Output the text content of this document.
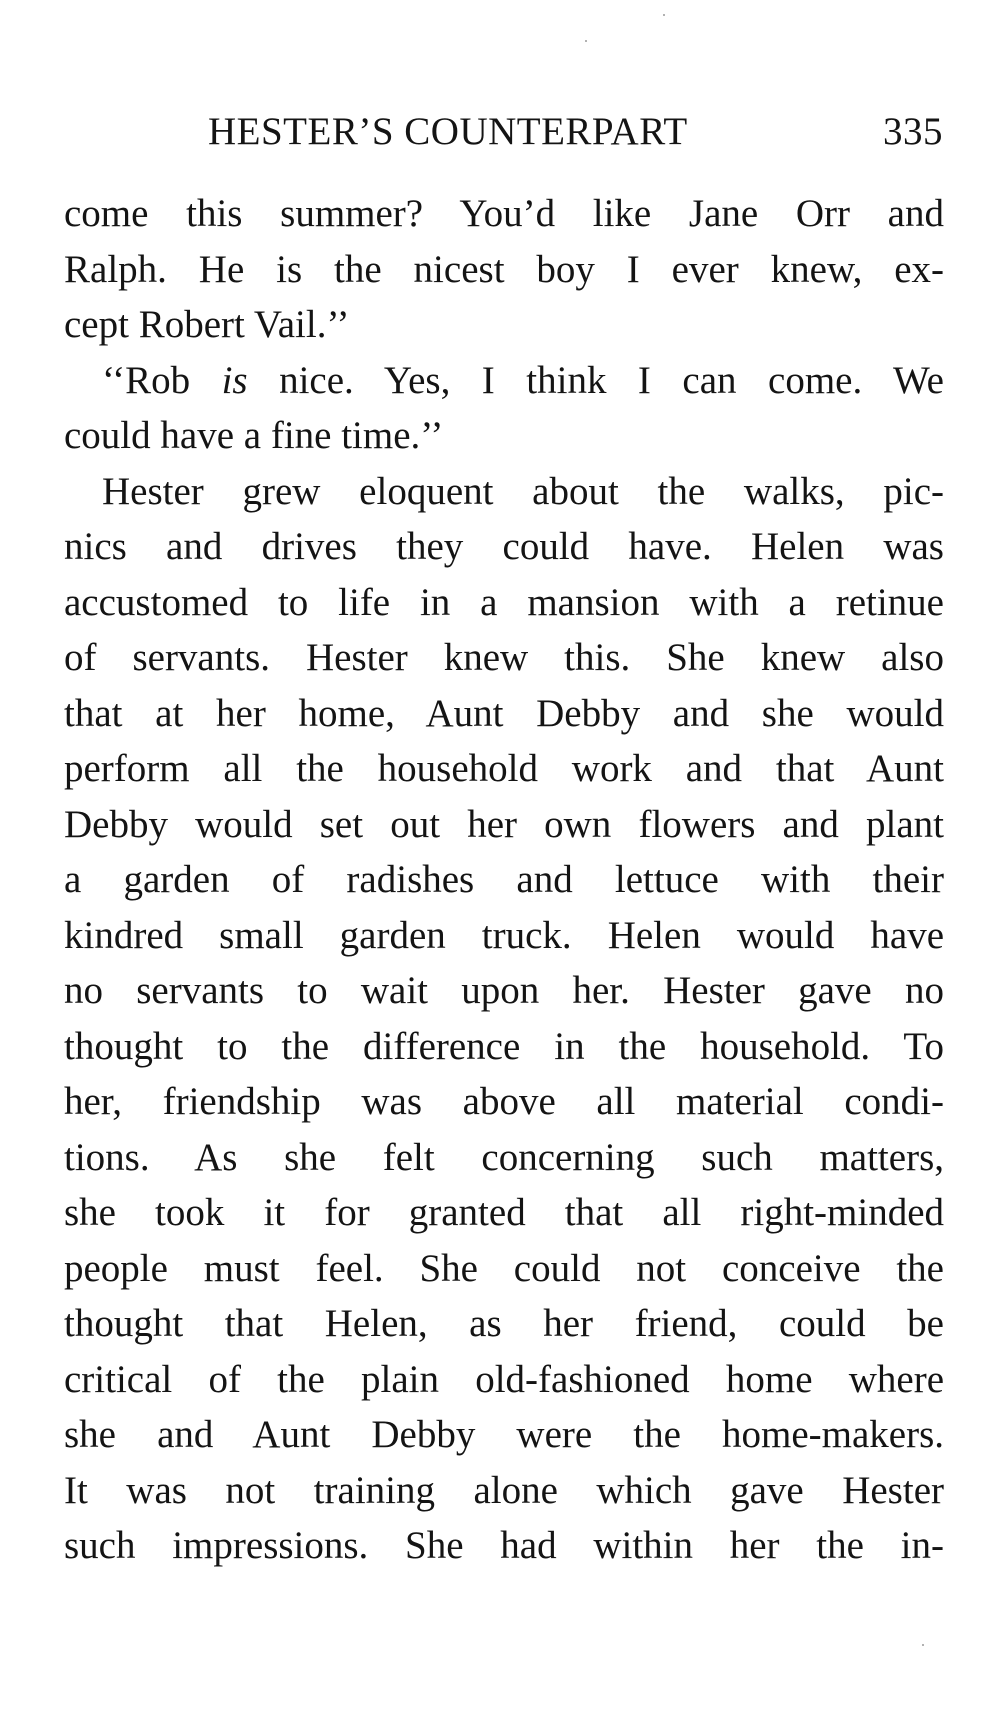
HESTER’S COUNTERPART	335
come this summer? You’d like Jane Orr and
Ralph. He is the nicest boy I ever knew, ex-
cept Robert Vail.’’
‘‘Rob is nice. Yes, I think I can come. We
could have a fine time.’’
Hester grew eloquent about the walks, pic-
nics and drives they could have. Helen was
accustomed to life in a mansion with a retinue
of servants. Hester knew this. She knew also
that at her home, Aunt Debby and she would
perform all the household work and that Aunt
Debby would set out her own flowers and plant
a garden of radishes and lettuce with their
kindred small garden truck. Helen would have
no servants to wait upon her. Hester gave no
thought to the difference in the household. To
her, friendship was above all material condi-
tions. As she felt concerning such matters,
she took it for granted that all right-minded
people must feel. She could not conceive the
thought that Helen, as her friend, could be
critical of the plain old-fashioned home where
she and Aunt Debby were the home-makers.
It was not training alone which gave Hester
such impressions. She had within her the in-
